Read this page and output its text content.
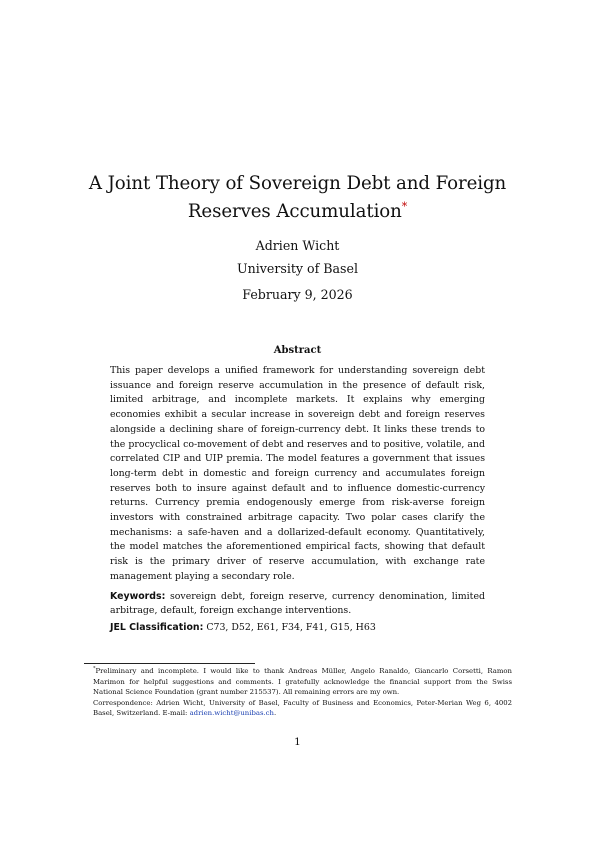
A Joint Theory of Sovereign Debt and Foreign Reserves Accumulation*
Adrien Wicht
University of Basel
February 9, 2026
Abstract

This paper develops a unified framework for understanding sovereign debt issuance and foreign reserve accumulation in the presence of default risk, limited arbitrage, and incomplete markets. It explains why emerging economies exhibit a secular increase in sovereign debt and foreign reserves alongside a declining share of foreign-currency debt. It links these trends to the procyclical co-movement of debt and reserves and to positive, volatile, and correlated CIP and UIP premia. The model features a government that issues long-term debt in domestic and foreign currency and accumulates foreign reserves both to insure against default and to influence domestic-currency returns. Currency premia endogenously emerge from risk-averse foreign investors with constrained arbitrage capacity. Two polar cases clarify the mechanisms: a safe-haven and a dollarized-default economy. Quantitatively, the model matches the aforementioned empirical facts, showing that default risk is the primary driver of reserve accumulation, with exchange rate management playing a secondary role.

Keywords: sovereign debt, foreign reserve, currency denomination, limited arbitrage, default, foreign exchange interventions.

JEL Classification: C73, D52, E61, F34, F41, G15, H63

*Preliminary and incomplete. I would like to thank Andreas Müller, Angelo Ranaldo, Giancarlo Corsetti, Ramon Marimon for helpful suggestions and comments. I gratefully acknowledge the financial support from the Swiss National Science Foundation (grant number 215537). All remaining errors are my own.

Correspondence: Adrien Wicht, University of Basel, Faculty of Business and Economics, Peter-Merian Weg 6, 4002 Basel, Switzerland. E-mail: adrien.wicht@unibas.ch.

1
